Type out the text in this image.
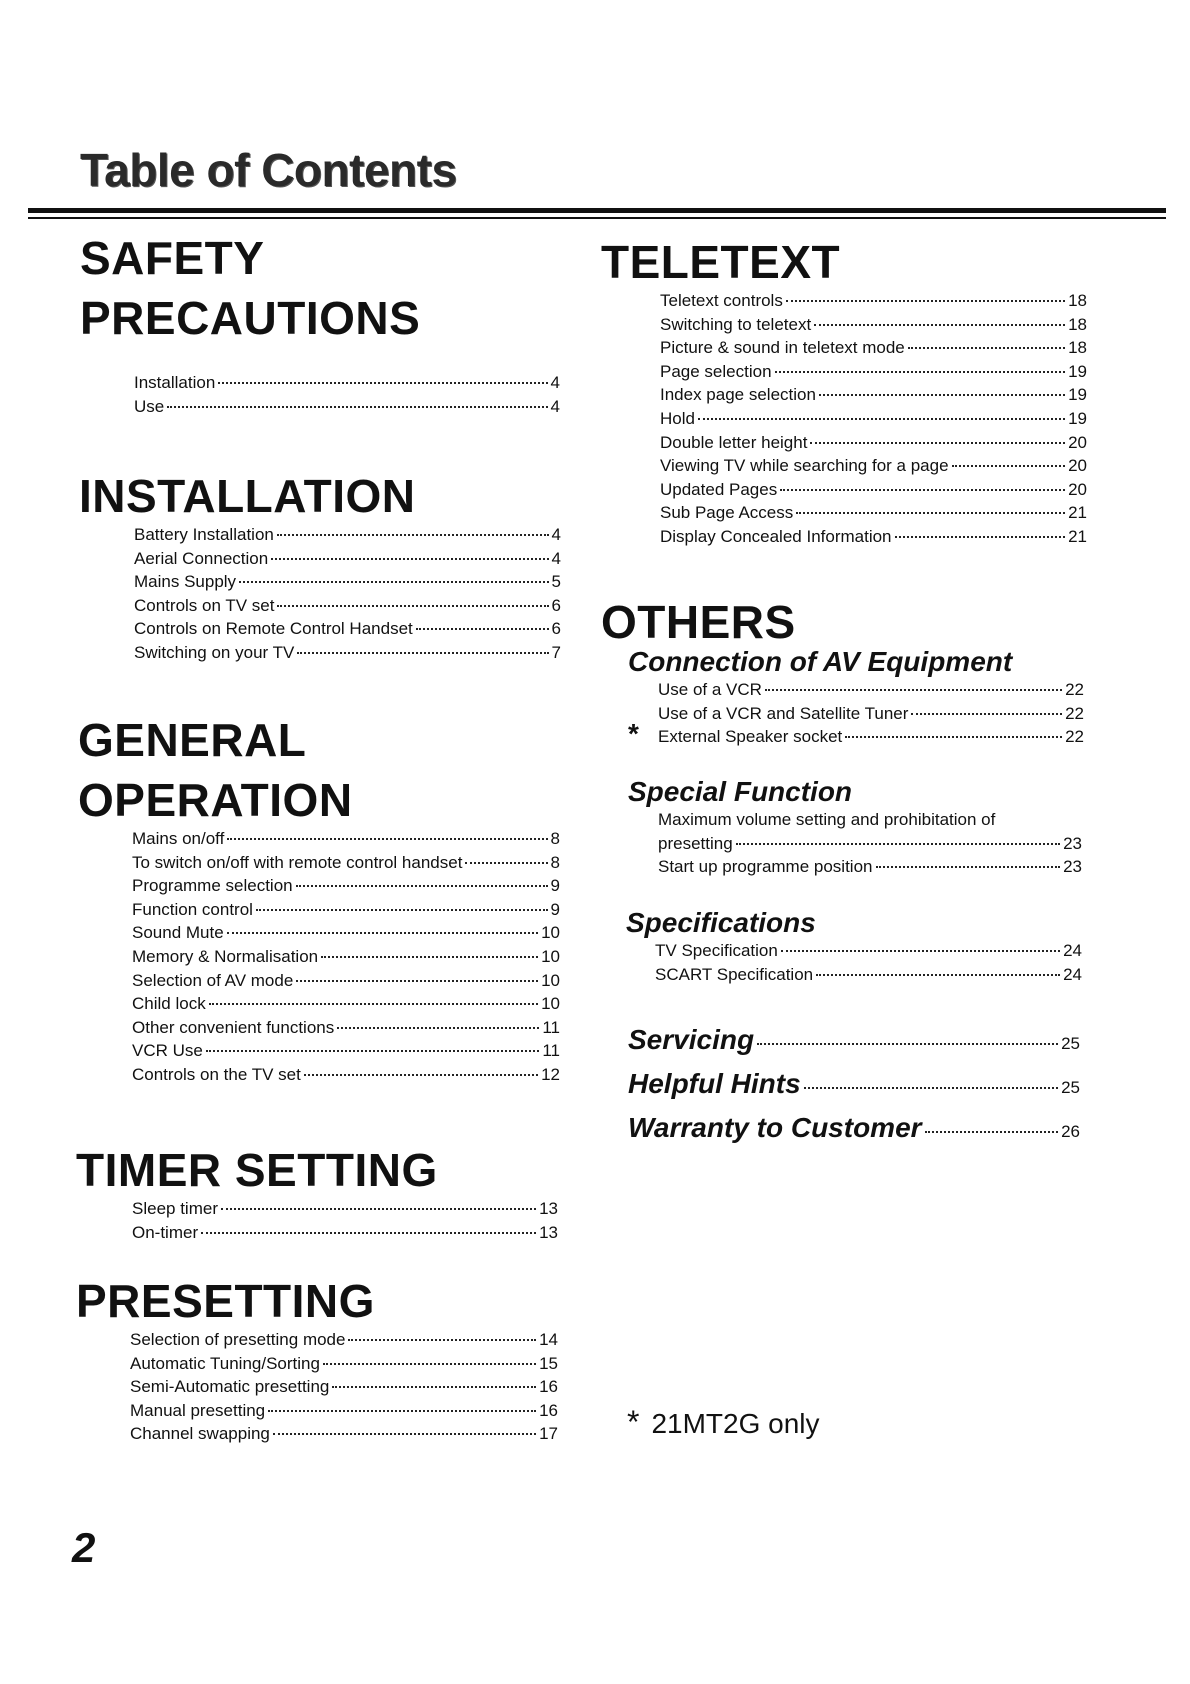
Table of Contents
SAFETY
PRECAUTIONS
Installation	4
Use	4
INSTALLATION
Battery Installation	4
Aerial Connection	4
Mains Supply	5
Controls on TV set	6
Controls on Remote Control Handset	6
Switching on your TV	7
GENERAL
OPERATION
Mains on/off	8
To switch on/off with remote control handset	8
Programme selection	9
Function control	9
Sound Mute	10
Memory & Normalisation	10
Selection of AV mode	10
Child lock	10
Other convenient functions	11
VCR Use	11
Controls on the TV set	12
TIMER SETTING
Sleep timer	13
On-timer	13
PRESETTING
Selection of presetting mode	14
Automatic Tuning/Sorting	15
Semi-Automatic presetting	16
Manual presetting	16
Channel swapping	17
TELETEXT
Teletext controls	18
Switching to teletext	18
Picture & sound in teletext mode	18
Page selection	19
Index page selection	19
Hold	19
Double letter height	20
Viewing TV while searching for a page	20
Updated Pages	20
Sub Page Access	21
Display Concealed Information	21
OTHERS
Connection of AV Equipment
Use of a VCR	22
Use of a VCR and Satellite Tuner	22
* External Speaker socket	22
Special Function
Maximum volume setting and prohibitation of
presetting	23
Start up programme position	23
Specifications
TV Specification	24
SCART Specification	24
Servicing	25
Helpful Hints	25
Warranty to Customer	26
* 21MT2G only
2
